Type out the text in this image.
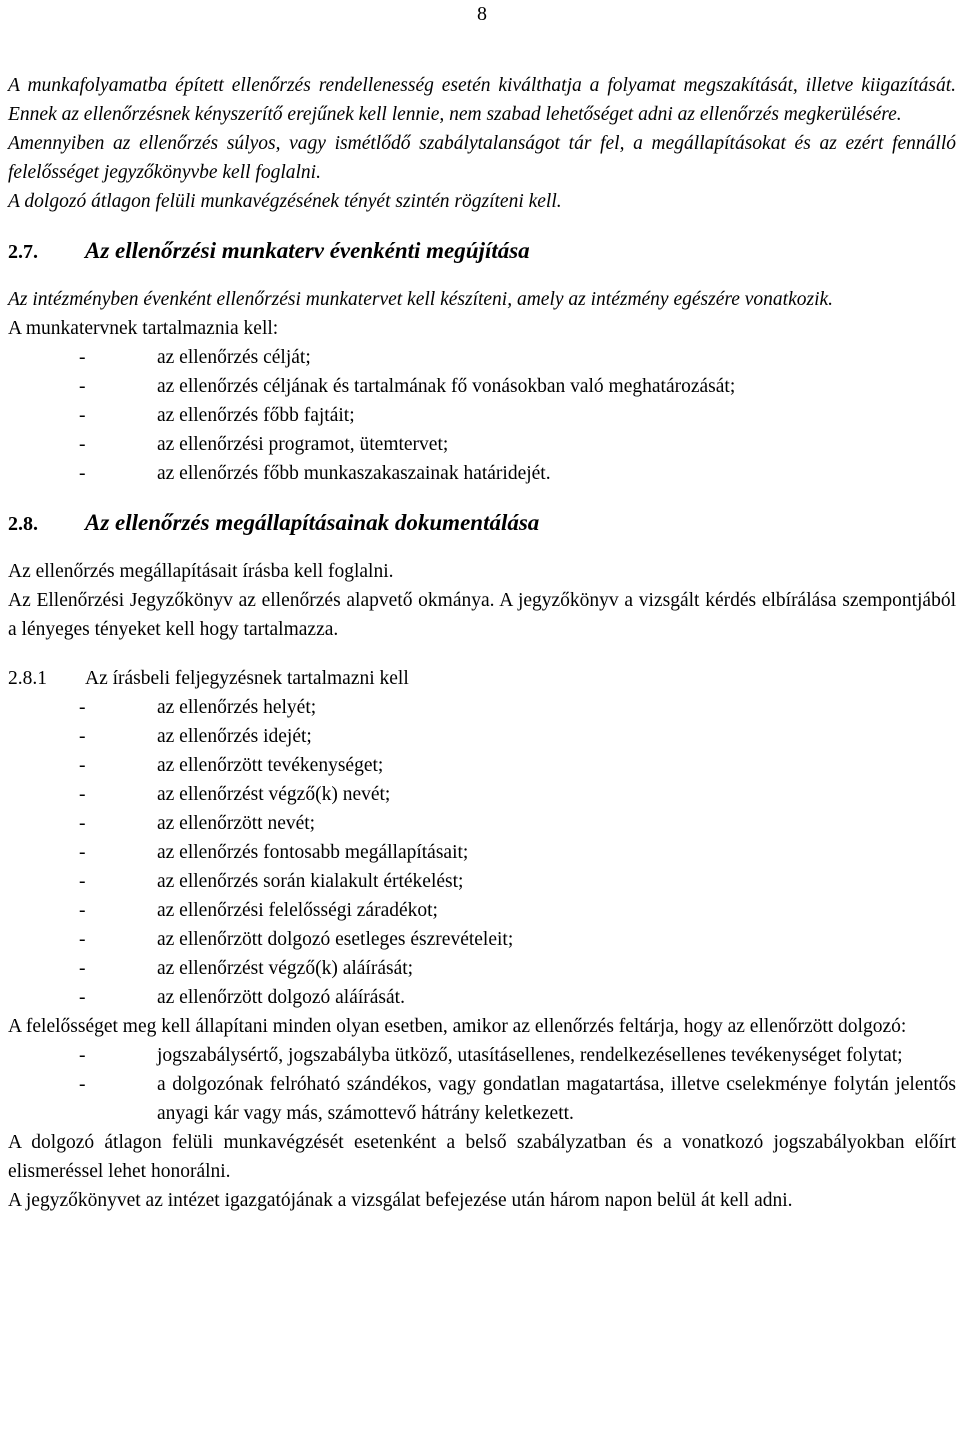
8

A munkafolyamatba épített ellenőrzés rendellenesség esetén kiválthatja a folyamat megszakítását, illetve kiigazítását. Ennek az ellenőrzésnek kényszerítő erejűnek kell lennie, nem szabad lehetőséget adni az ellenőrzés megkerülésére.

Amennyiben az ellenőrzés súlyos, vagy ismétlődő szabálytalanságot tár fel, a megállapításokat és az ezért fennálló felelősséget jegyzőkönyvbe kell foglalni.

A dolgozó átlagon felüli munkavégzésének tényét szintén rögzíteni kell.

2.7.	Az ellenőrzési munkaterv évenkénti megújítása

Az intézményben évenként ellenőrzési munkatervet kell készíteni, amely az intézmény egészére vonatkozik.

A munkatervnek tartalmaznia kell:

-	az ellenőrzés célját;
-	az ellenőrzés céljának és tartalmának fő vonásokban való meghatározását;
-	az ellenőrzés főbb fajtáit;
-	az ellenőrzési programot, ütemtervet;
-	az ellenőrzés főbb munkaszakaszainak határidejét.
2.8.	Az ellenőrzés megállapításainak dokumentálása

Az ellenőrzés megállapításait írásba kell foglalni.

Az Ellenőrzési Jegyzőkönyv az ellenőrzés alapvető okmánya. A jegyzőkönyv a vizsgált kérdés elbírálása szempontjából a lényeges tényeket kell hogy tartalmazza.

2.8.1	Az írásbeli feljegyzésnek tartalmazni kell
-	az ellenőrzés helyét;
-	az ellenőrzés idejét;
-	az ellenőrzött tevékenységet;
-	az ellenőrzést végző(k) nevét;
-	az ellenőrzött nevét;
-	az ellenőrzés fontosabb megállapításait;
-	az ellenőrzés során kialakult értékelést;
-	az ellenőrzési felelősségi záradékot;
-	az ellenőrzött dolgozó esetleges észrevételeit;
-	az ellenőrzést végző(k) aláírását;
-	az ellenőrzött dolgozó aláírását.

A felelősséget meg kell állapítani minden olyan esetben, amikor az ellenőrzés feltárja, hogy az ellenőrzött dolgozó:

-	jogszabálysértő, jogszabályba ütköző, utasításellenes, rendelkezésellenes tevékenységet folytat;
-	a dolgozónak felróható szándékos, vagy gondatlan magatartása, illetve cselekménye folytán jelentős anyagi kár vagy más, számottevő hátrány keletkezett.

A dolgozó átlagon felüli munkavégzését esetenként a belső szabályzatban és a vonatkozó jogszabályokban előírt elismeréssel lehet honorálni.

A jegyzőkönyvet az intézet igazgatójának a vizsgálat befejezése után három napon belül át kell adni.
